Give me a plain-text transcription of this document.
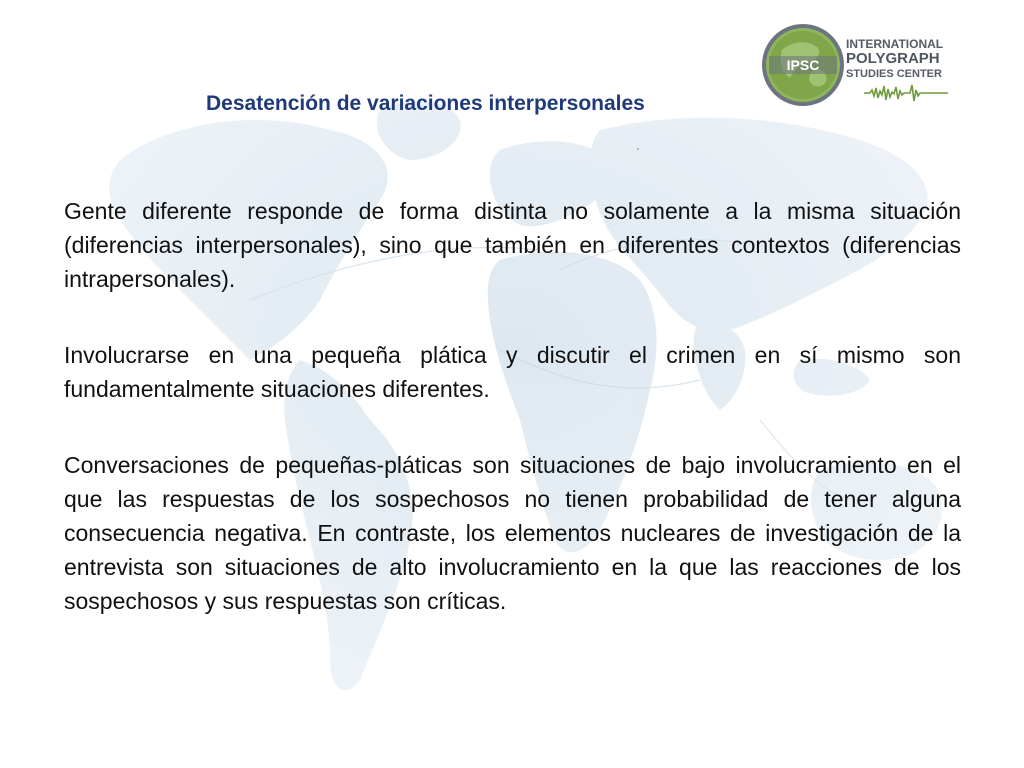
IPSC
INTERNATIONAL
POLYGRAPH
STUDIES CENTER
Desatención de variaciones interpersonales

Gente diferente responde de forma distinta no solamente a la misma situación (diferencias interpersonales), sino que también en diferentes contextos (diferencias intrapersonales).

Involucrarse en una pequeña plática y discutir el crimen en sí mismo son fundamentalmente situaciones diferentes.

Conversaciones de pequeñas-pláticas son situaciones de bajo involucramiento en el que las respuestas de los sospechosos no tienen probabilidad de tener alguna consecuencia negativa. En contraste, los elementos nucleares de investigación de la entrevista son situaciones de alto involucramiento en la que las reacciones de los sospechosos y sus respuestas son críticas.
